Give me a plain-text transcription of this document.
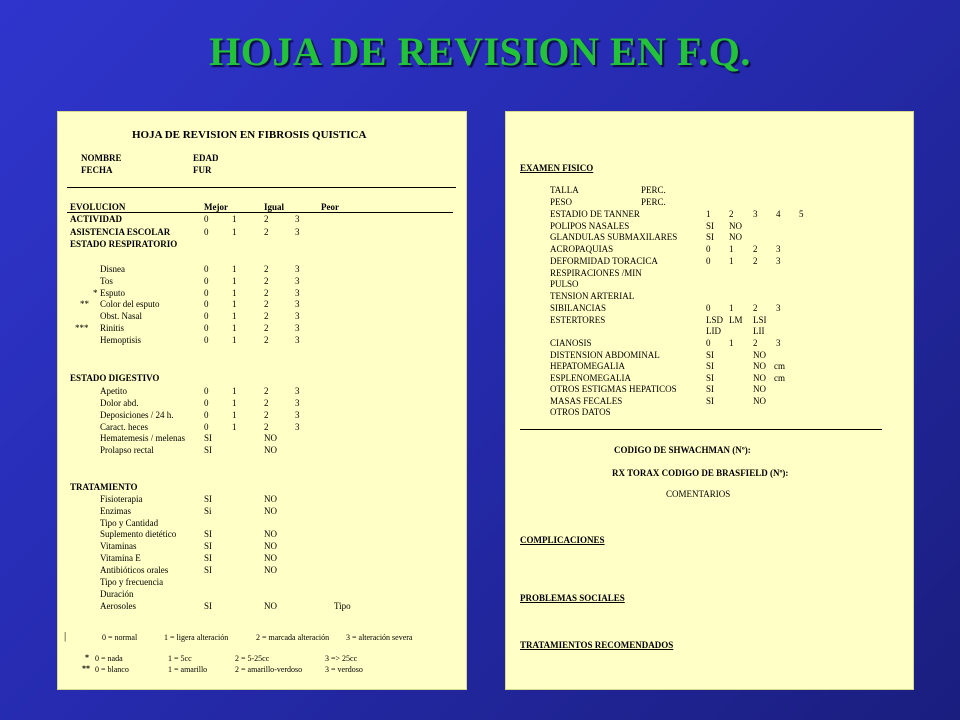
HOJA DE REVISION EN F.Q.
HOJA DE REVISION EN FIBROSIS QUISTICA
NOMBRE	EDAD
FECHA	FUR
EVOLUCION	Mejor	Igual	Peor
ACTIVIDAD	0	1	2	3
ASISTENCIA ESCOLAR	0	1	2	3
ESTADO RESPIRATORIO
Disnea	0	1	2	3
Tos	0	1	2	3
* Esputo	0	1	2	3
** Color del esputo	0	1	2	3
Obst. Nasal	0	1	2	3
*** Rinitis	0	1	2	3
Hemoptisis	0	1	2	3
ESTADO DIGESTIVO
Apetito	0	1	2	3
Dolor abd.	0	1	2	3
Deposiciones / 24 h.	0	1	2	3
Caract. heces	0	1	2	3
Hematemesis / melenas SI	NO
Prolapso rectal	SI	NO
TRATAMIENTO
Fisioterapia	SI	NO
Enzimas	Si	NO
Tipo y Cantidad
Suplemento dietético	SI	NO
Vitaminas	SI	NO
Vitamina E	SI	NO
Antibióticos orales	SI	NO
Tipo y frecuencia
Duración
Aerosoles	SI	NO	Tipo
|	0 = normal	1 = ligera alteración	2 = marcada alteración 3 = alteración severa
* 0 = nada	1 = 5cc	2 = 5-25cc	3 => 25cc
** 0 = blanco	1 = amarillo	2 = amarillo-verdoso	3 = verdoso
EXAMEN FISICO
TALLA	PERC.
PESO	PERC.
ESTADIO DE TANNER	1 2 3 4 5
POLIPOS NASALES	SI NO
GLANDULAS SUBMAXILARES	SI NO
ACROPAQUIAS	0 1 2 3
DEFORMIDAD TORACICA	0 1 2 3
RESPIRACIONES /MIN
PULSO
TENSION ARTERIAL
SIBILANCIAS	0 1 2 3
ESTERTORES	LSD LM LSI
LID	LII
CIANOSIS	0 1 2 3
DISTENSION ABDOMINAL	SI	NO
HEPATOMEGALIA	SI	NO cm
ESPLENOMEGALIA	SI	NO cm
OTROS ESTIGMAS HEPATICOS	SI	NO
MASAS FECALES	SI	NO
OTROS DATOS
CODIGO DE SHWACHMAN (Nº):
RX TORAX CODIGO DE BRASFIELD (Nº):
COMENTARIOS
COMPLICACIONES
PROBLEMAS SOCIALES
TRATAMIENTOS RECOMENDADOS
